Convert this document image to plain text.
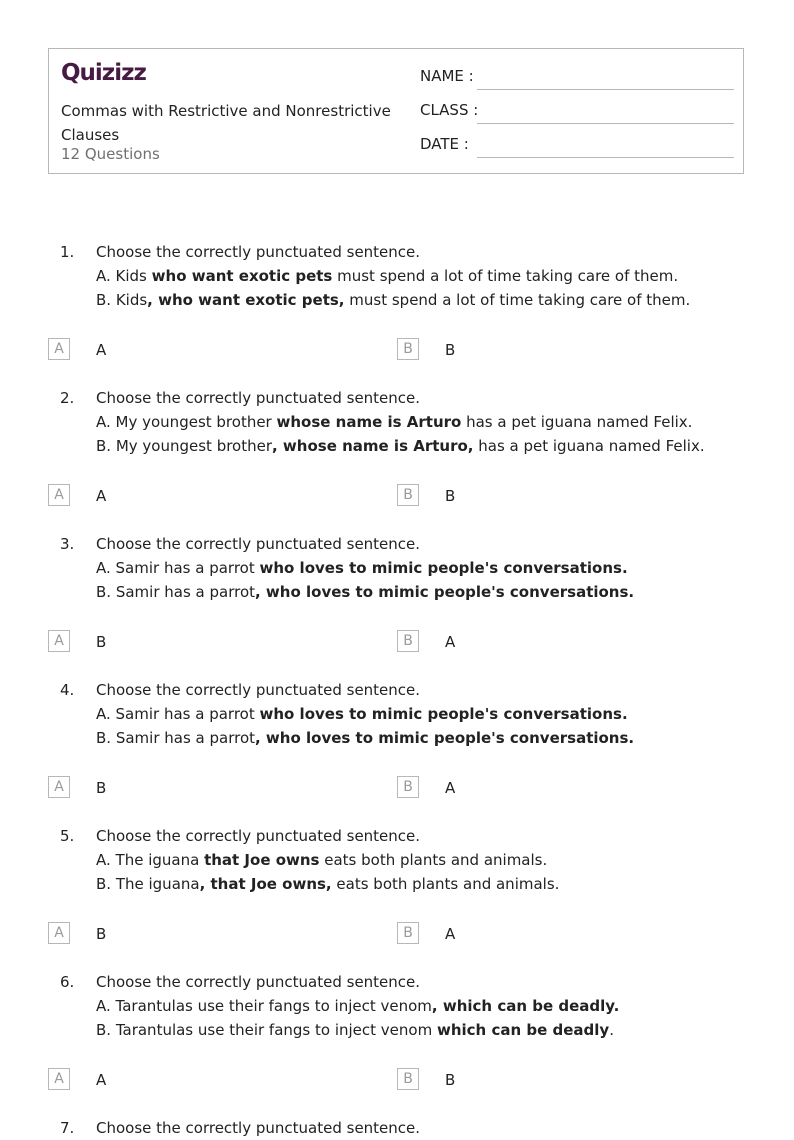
Quizizz
Commas with Restrictive and Nonrestrictive Clauses
12 Questions
NAME :
CLASS :
DATE :
1. Choose the correctly punctuated sentence.
A. Kids who want exotic pets must spend a lot of time taking care of them.
B. Kids, who want exotic pets, must spend a lot of time taking care of them.
A	A	B	B
2. Choose the correctly punctuated sentence.
A. My youngest brother whose name is Arturo has a pet iguana named Felix.
B. My youngest brother, whose name is Arturo, has a pet iguana named Felix.
A	A	B	B
3. Choose the correctly punctuated sentence.
A. Samir has a parrot who loves to mimic people's conversations.
B. Samir has a parrot, who loves to mimic people's conversations.
A	B	B	A
4. Choose the correctly punctuated sentence.
A. Samir has a parrot who loves to mimic people's conversations.
B. Samir has a parrot, who loves to mimic people's conversations.
A	B	B	A
5. Choose the correctly punctuated sentence.
A. The iguana that Joe owns eats both plants and animals.
B. The iguana, that Joe owns, eats both plants and animals.
A	B	B	A
6. Choose the correctly punctuated sentence.
A. Tarantulas use their fangs to inject venom, which can be deadly.
B. Tarantulas use their fangs to inject venom which can be deadly.
A	A	B	B
7. Choose the correctly punctuated sentence.
